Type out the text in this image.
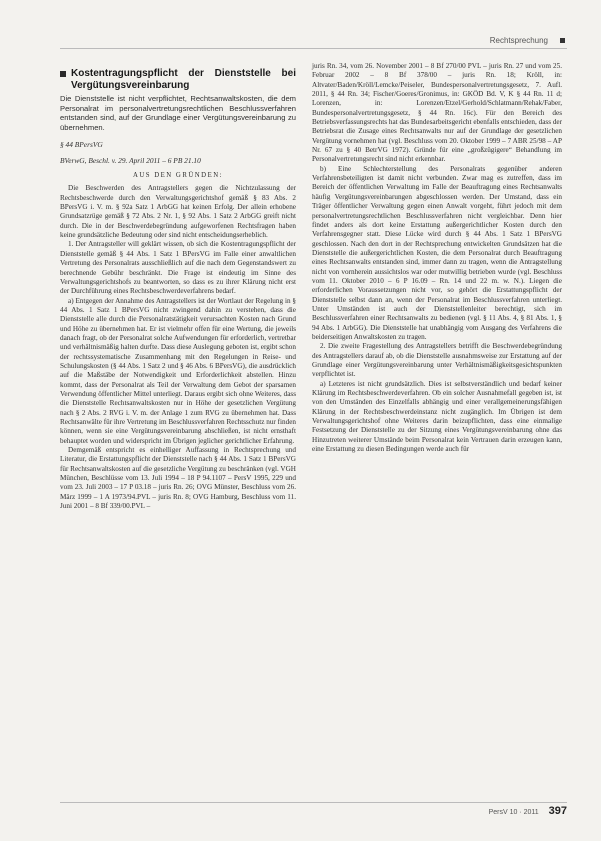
Rechtsprechung
Kostentragungspflicht der Dienststelle bei Vergütungsvereinbarung
Die Dienststelle ist nicht verpflichtet, Rechtsanwaltskosten, die dem Personalrat im personalvertretungsrechtlichen Beschlussverfahren entstanden sind, auf der Grundlage einer Vergütungsvereinbarung zu übernehmen.
§ 44 BPersVG
BVerwG, Beschl. v. 29. April 2011 – 6 PB 21.10
AUS DEN GRÜNDEN:

Die Beschwerden des Antragstellers gegen die Nichtzulassung der Rechtsbeschwerde durch den Verwaltungsgerichtshof gemäß § 83 Abs. 2 BPersVG i. V. m. § 92a Satz 1 ArbGG hat keinen Erfolg. Der allein erhobene Grundsatzrüge gemäß § 72 Abs. 2 Nr. 1, § 92 Abs. 1 Satz 2 ArbGG greift nicht durch. Die in der Beschwerdebegründung aufgeworfenen Rechtsfragen haben keine grundsätzliche Bedeutung oder sind nicht entscheidungserheblich.

1. Der Antragsteller will geklärt wissen, ob sich die Kostentragungspflicht der Dienststelle gemäß § 44 Abs. 1 Satz 1 BPersVG im Falle einer anwaltlichen Vertretung des Personalrats ausschließlich auf die nach dem Gegenstandswert zu berechnende Gebühr beschränkt. Die Frage ist eindeutig im Sinne des Verwaltungsgerichtshofs zu beantworten, so dass es zu ihrer Klärung nicht erst der Durchführung eines Rechtsbeschwerdeverfahrens bedarf.

a) Entgegen der Annahme des Antragstellers ist der Wortlaut der Regelung in § 44 Abs. 1 Satz 1 BPersVG nicht zwingend dahin zu verstehen, dass die Dienststelle alle durch die Personalratstätigkeit verursachten Kosten nach Grund und Höhe zu übernehmen hat. Er ist vielmehr offen für eine Wertung, die jeweils danach fragt, ob der Personalrat solche Aufwendungen für erforderlich, vertretbar und verhältnismäßig halten durfte. Dass diese Auslegung geboten ist, ergibt schon der rechtssystematische Zusammenhang mit den Regelungen in Reise- und Schulungskosten (§ 44 Abs. 1 Satz 2 und § 46 Abs. 6 BPersVG), die ausdrücklich auf die Maßstäbe der Notwendigkeit und Erforderlichkeit abstellen. Hinzu kommt, dass der Personalrat als Teil der Verwaltung dem Gebot der sparsamen Verwendung öffentlicher Mittel unterliegt. Daraus ergibt sich ohne Weiteres, dass die Dienststelle Rechtsanwaltskosten nur in Höhe der gesetzlichen Vergütung nach § 2 Abs. 2 RVG i. V. m. der Anlage 1 zum RVG zu übernehmen hat. Dass Rechtsanwälte für ihre Vertretung im Beschlussverfahren Rechtsschutz nur finden können, wenn sie eine Vergütungsvereinbarung abschließen, ist nicht ernsthaft behauptet worden und widerspricht im Übrigen jeglicher gerichtlicher Erfahrung.

Demgemäß entspricht es einhelliger Auffassung in Rechtsprechung und Literatur, die Erstattungspflicht der Dienststelle nach § 44 Abs. 1 Satz 1 BPersVG für Rechtsanwaltskosten auf die gesetzliche Vergütung zu beschränken (vgl. VGH München, Beschlüsse vom 13. Juli 1994 – 18 P 94.1107 – PersV 1995, 229 und vom 23. Juli 2003 – 17 P 03.18 – juris Rn. 26; OVG Münster, Beschluss vom 26. März 1999 – 1 A 1973/94.PVL – juris Rn. 8; OVG Hamburg, Beschluss vom 11. Juni 2001 – 8 Bf 339/00.PVL –

juris Rn. 34, vom 26. November 2001 – 8 Bf 270/00 PVL – juris Rn. 27 und vom 25. Februar 2002 – 8 Bf 378/00 – juris Rn. 18; Kröll, in: Altvater/Baden/Kröll/Lemcke/Peiseler, Bundespersonalvertretungsgesetz, 7. Aufl. 2011, § 44 Rn. 34; Fischer/Goeres/Gronimus, in: GKÖD Bd. V, K § 44 Rn. 11 d; Lorenzen, in: Lorenzen/Etzel/Gerhold/Schlatmann/Rehak/Faber, Bundespersonalvertretungsgesetz, § 44 Rn. 16c). Für den Bereich des Betriebsverfassungsrechts hat das Bundesarbeitsgericht ebenfalls entschieden, dass der Betriebsrat die Zusage eines Rechtsanwalts nur auf der Grundlage der gesetzlichen Vergütung vornehmen hat (vgl. Beschluss vom 20. Oktober 1999 – 7 ABR 25/98 – AP Nr. 67 zu § 40 BetrVG 1972). Gründe für eine „großzügigere“ Behandlung im Personalvertretungsrecht sind nicht erkennbar.

b) Eine Schlechterstellung des Personalrats gegenüber anderen Verfahrensbeteiligten ist damit nicht verbunden. Zwar mag es zutreffen, dass im Bereich der öffentlichen Verwaltung im Falle der Beauftragung eines Rechtsanwalts häufig Vergütungsvereinbarungen abgeschlossen werden. Der Umstand, dass ein Träger öffentlicher Verwaltung gegen einen Anwalt vorgeht, führt jedoch mit dem personalvertretungsrechtlichen Beschlussverfahren nicht vergleichbar. Denn hier findet anders als dort keine Erstattung außergerichtlicher Kosten durch den Verfahrensgegner statt. Diese Lücke wird durch § 44 Abs. 1 Satz 1 BPersVG geschlossen. Nach den dort in der Rechtsprechung entwickelten Grundsätzen hat die Dienststelle die außergerichtlichen Kosten, die dem Personalrat durch Beauftragung eines Rechtsanwalts entstanden sind, immer dann zu tragen, wenn die Antragstellung nicht von vornherein aussichtslos war oder mutwillig betrieben wurde (vgl. Beschluss vom 11. Oktober 2010 – 6 P 16.09 – Rn. 14 und 22 m. w. N.). Liegen die erforderlichen Voraussetzungen nicht vor, so gehört die Erstattungspflicht der Dienststelle selbst dann an, wenn der Personalrat im Beschlussverfahren unterliegt. Unter Umständen ist auch der Dienststellenleiter berechtigt, sich im Beschlussverfahren einer Rechtsanwalts zu bedienen (vgl. § 11 Abs. 4, § 81 Abs. 1, § 94 Abs. 1 ArbGG). Die Dienststelle hat unabhängig vom Ausgang des Verfahrens die beiderseitigen Anwaltskosten zu tragen.

2. Die zweite Fragestellung des Antragstellers betrifft die Beschwerdebegründung des Antragstellers darauf ab, ob die Dienststelle ausnahmsweise zur Erstattung auf der Grundlage einer Vergütungsvereinbarung unter Verhältnismäßigkeitsgesichtspunkten verpflichtet ist.

a) Letzteres ist nicht grundsätzlich. Dies ist selbstverständlich und bedarf keiner Klärung im Rechtsbeschwerdeverfahren. Ob ein solcher Ausnahmefall gegeben ist, ist von den Umständen des Einzelfalls abhängig und einer verallgemeinerungsfähigen Klärung in der Rechtsbeschwerdeinstanz nicht zugänglich. Im Übrigen ist dem Verwaltungsgerichtshof ohne Weiteres darin beizupflichten, dass eine einmalige Festsetzung der Dienststelle zu der Sitzung eines Vergütungsvereinbarung ohne das Hinzutreten weiterer Umstände beim Personalrat kein Vertrauen darin erzeugen kann, eine Erstattung zu diesen Bedingungen werde auch für

PersV 10 · 2011 397
